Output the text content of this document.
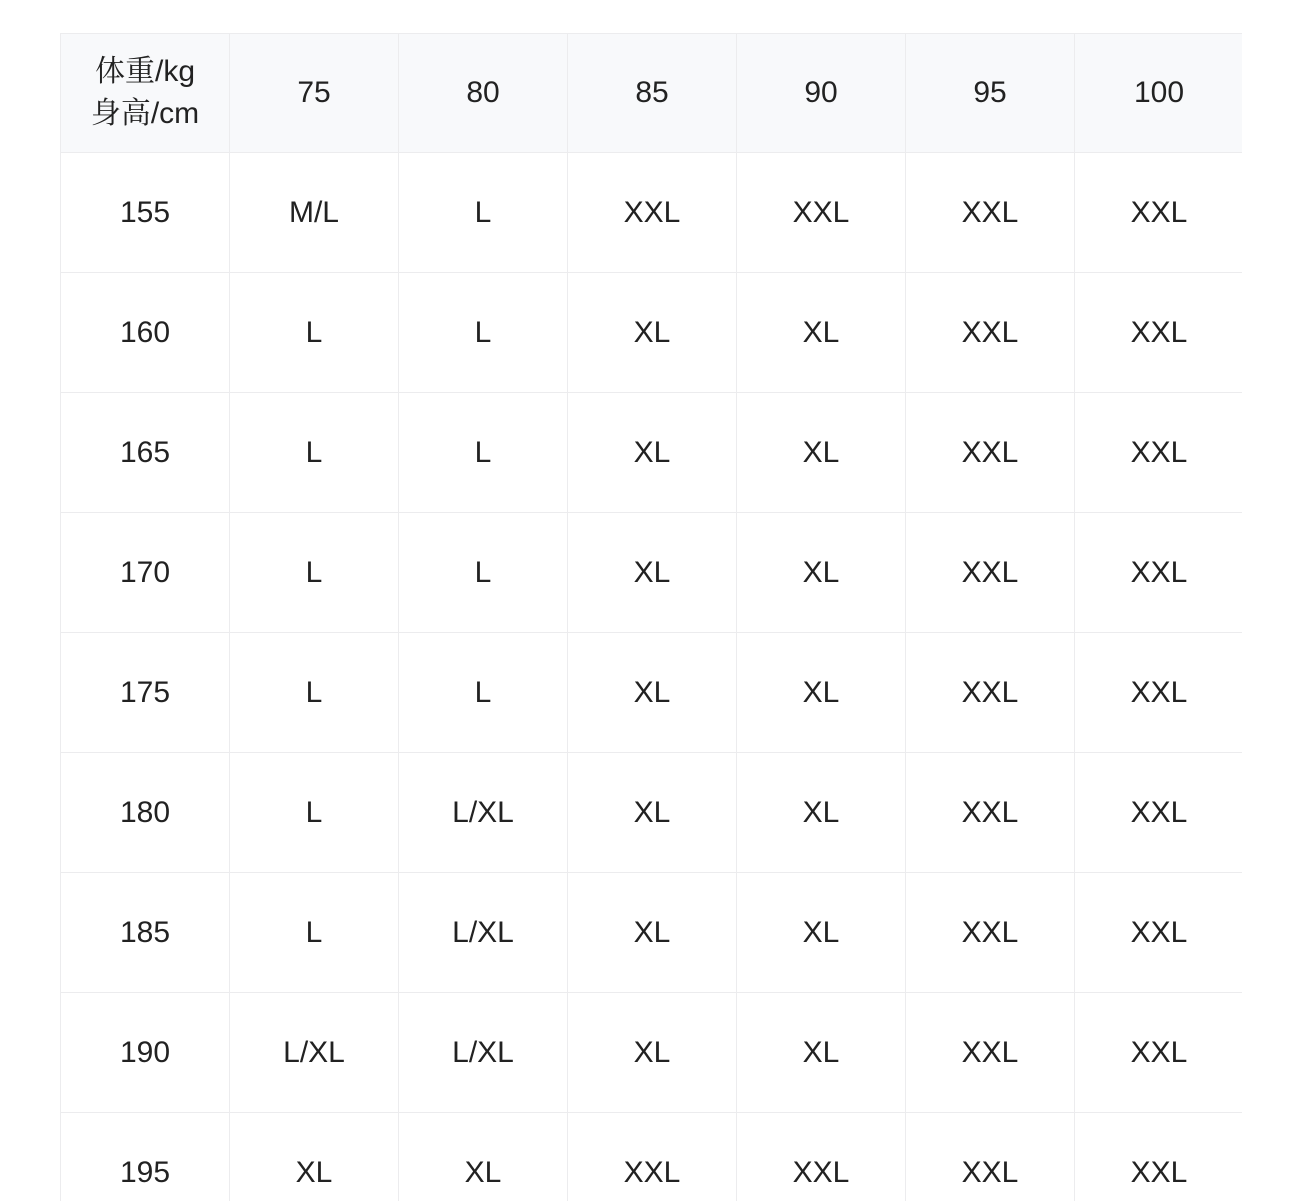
体重/kg
身高/cm	75	80	85	90	95	100
155	M/L	L	XXL	XXL	XXL	XXL
160	L	L	XL	XL	XXL	XXL
165	L	L	XL	XL	XXL	XXL
170	L	L	XL	XL	XXL	XXL
175	L	L	XL	XL	XXL	XXL
180	L	L/XL	XL	XL	XXL	XXL
185	L	L/XL	XL	XL	XXL	XXL
190	L/XL	L/XL	XL	XL	XXL	XXL
195	XL	XL	XXL	XXL	XXL	XXL
